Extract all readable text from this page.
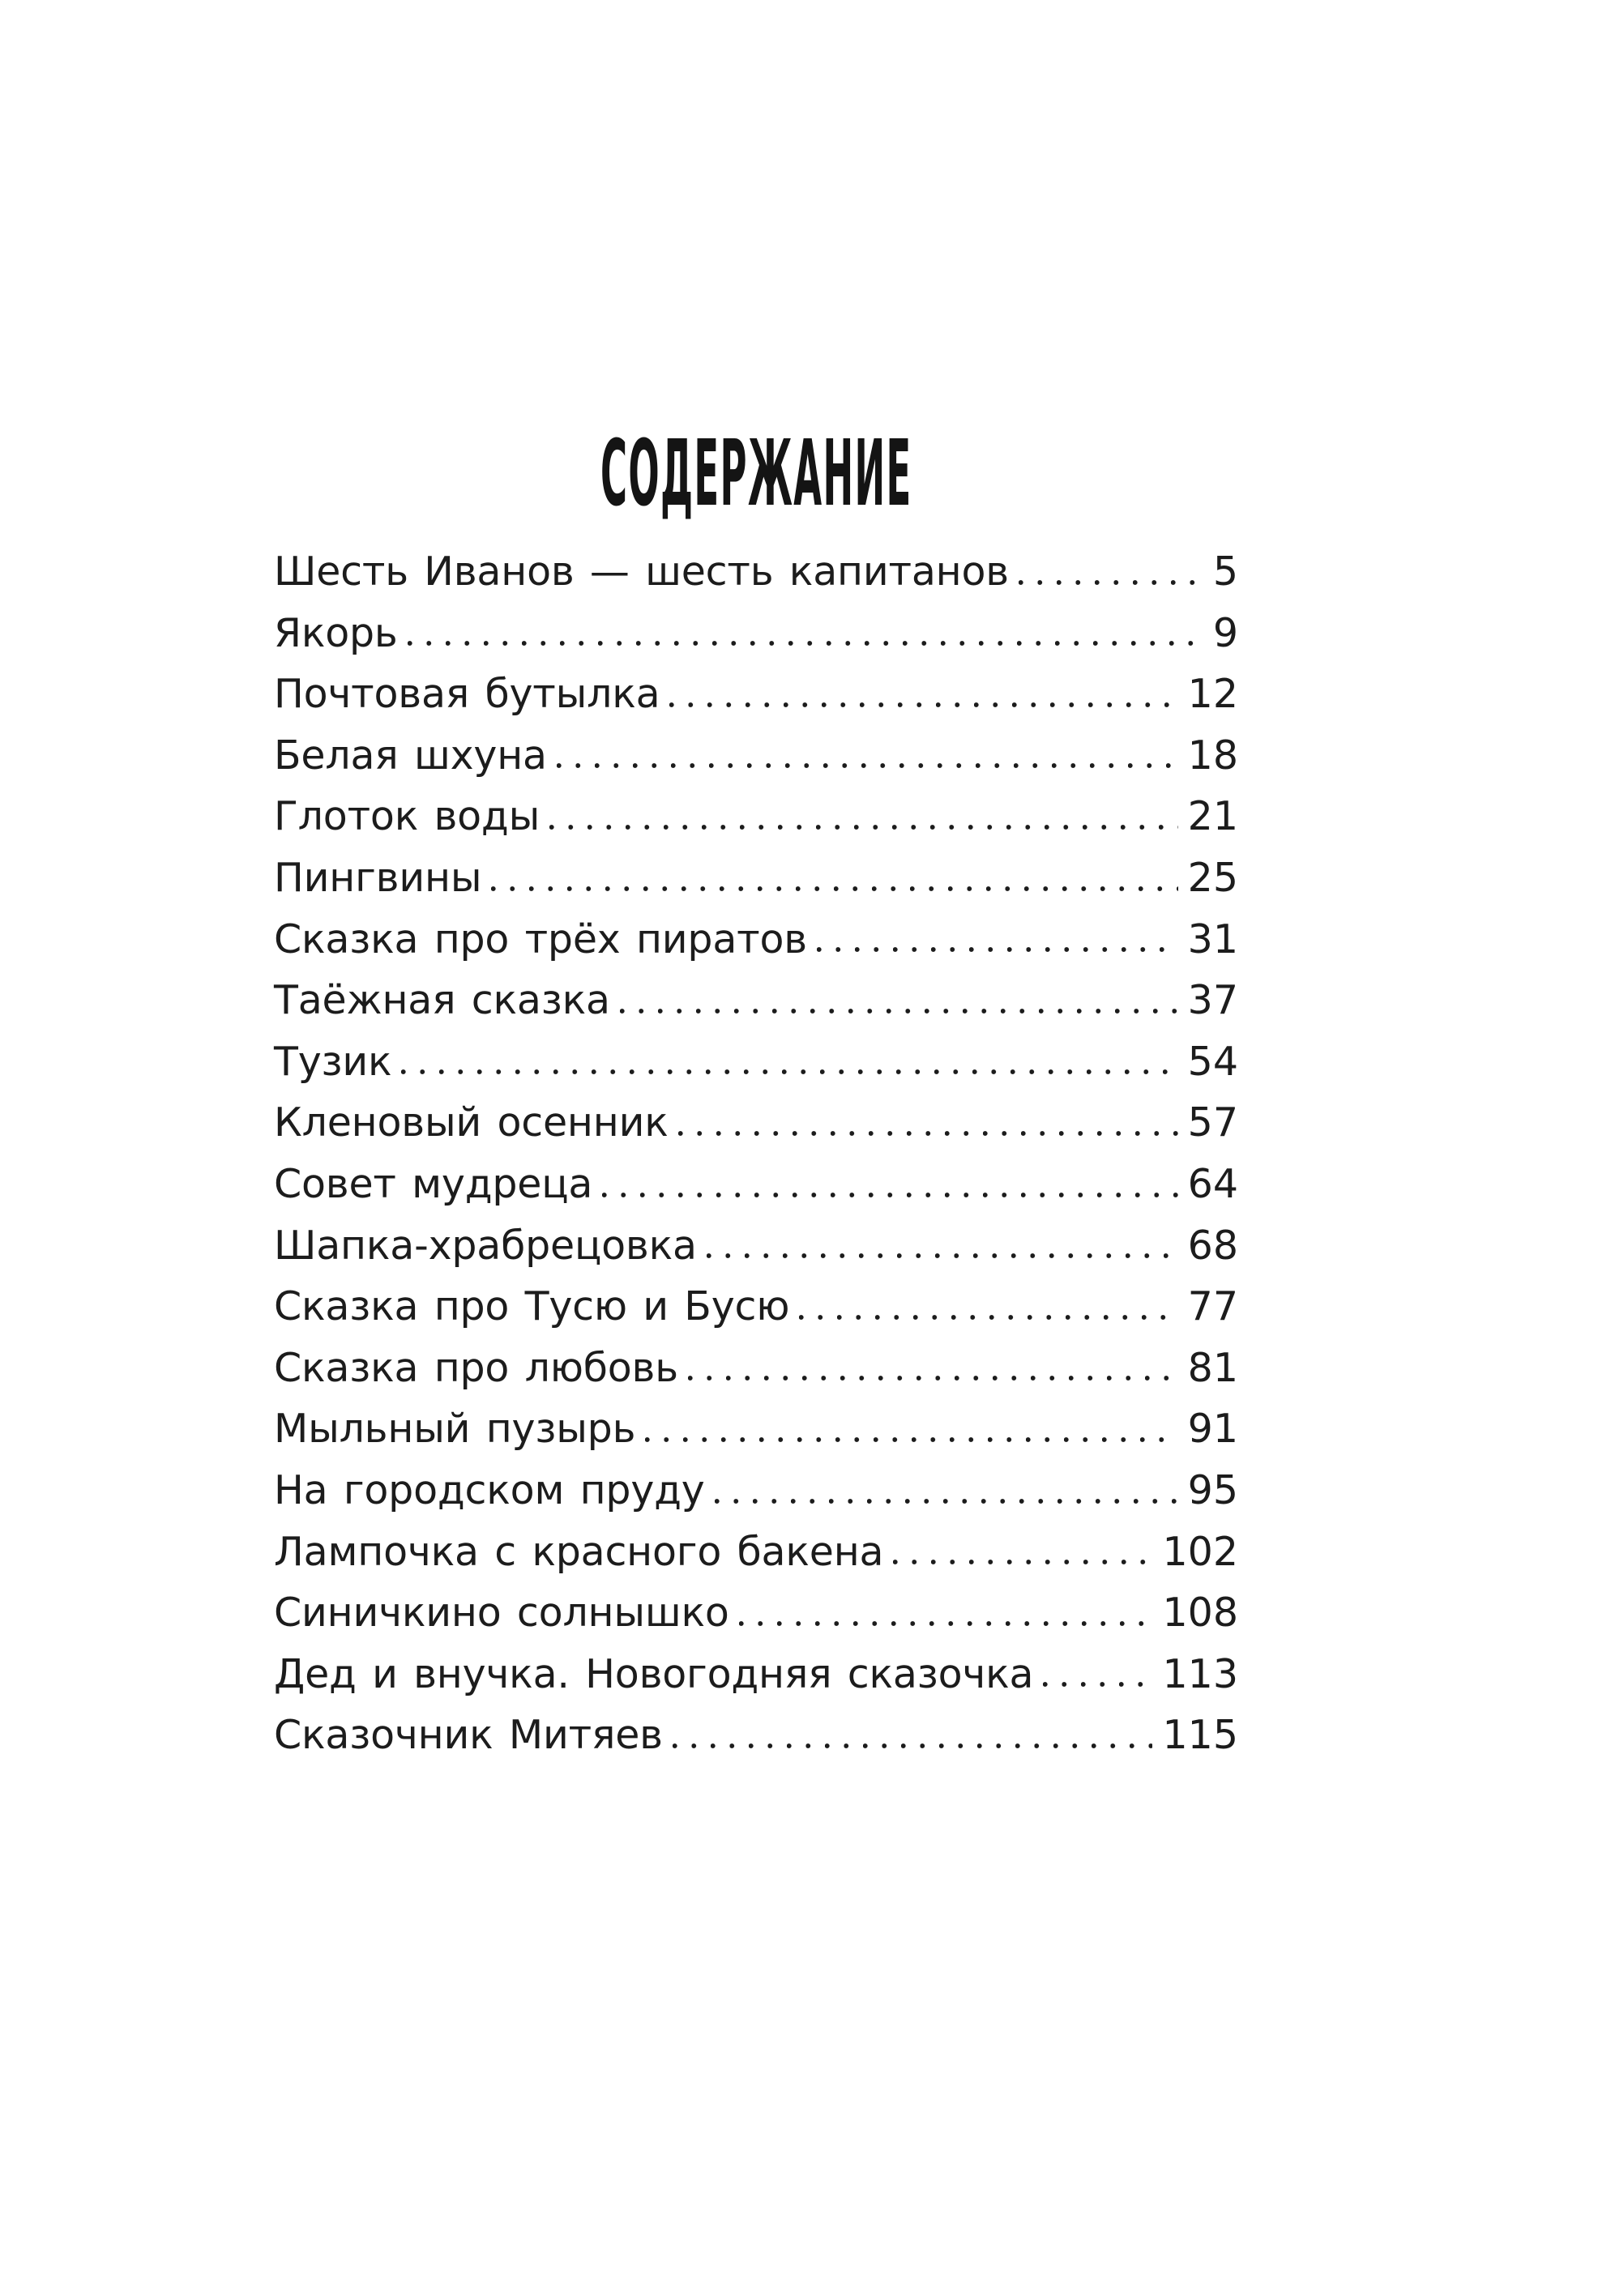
СОДЕРЖАНИЕ
Шесть Иванов — шесть капитанов	5
Якорь	9
Почтовая бутылка	12
Белая шхуна	18
Глоток воды	21
Пингвины	25
Сказка про трёх пиратов	31
Таёжная сказка	37
Тузик	54
Кленовый осенник	57
Совет мудреца	64
Шапка-храбрецовка	68
Сказка про Тусю и Бусю	77
Сказка про любовь	81
Мыльный пузырь	91
На городском пруду	95
Лампочка с красного бакена	102
Синичкино солнышко	108
Дед и внучка. Новогодняя сказочка	113
Сказочник Митяев	115
